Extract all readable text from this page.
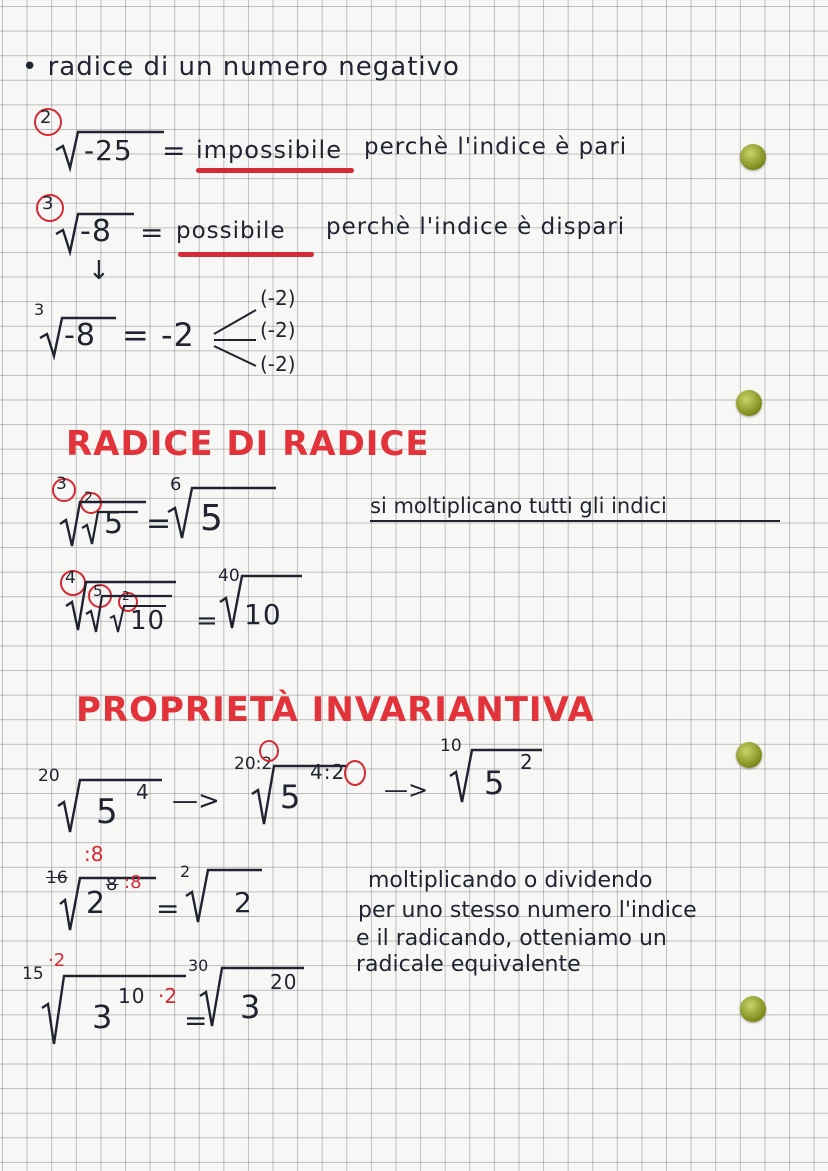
• radice di un numero negativo
2
-25 = impossibile perchè l'indice è pari
3
-8 = possibile perchè l'indice è dispari
↓
3
-8 = -2
(-2)
(-2)
(-2)
RADICE DI RADICE
3
2
5 =
6
5	si moltiplicano tutti gli indici
4
5 2
10 =
40
10
PROPRIETÀ INVARIANTIVA
20
5 4 —>
20:2
5
4:2
—>
10
5
2
16
:8
2
8 :8
=
2
2
15
·2
3
10 ·2
=
30
3
20
moltiplicando o dividendo
per uno stesso numero l'indice
e il radicando, otteniamo un
radicale equivalente
